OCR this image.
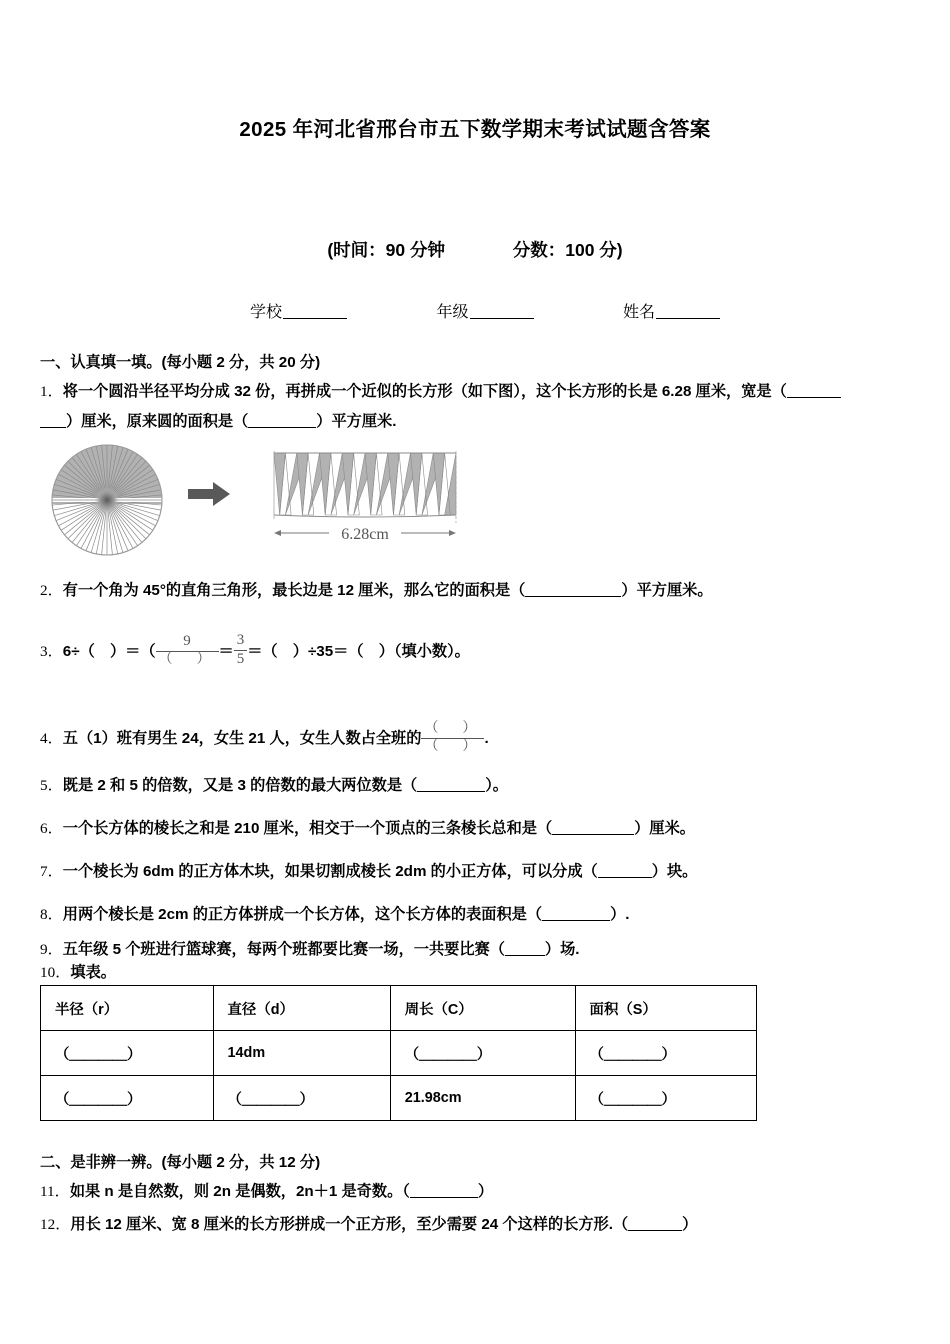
2025 年河北省邢台市五下数学期末考试试题含答案
(时间：90 分钟	分数：100 分)
学校	年级	姓名
一、认真填一填。(每小题 2 分，共 20 分)
1．将一个圆沿半径平均分成 32 份，再拼成一个近似的长方形（如下图），这个长方形的长是 6.28 厘米，宽是（
）厘米，原来圆的面积是（	）平方厘米.
6.28cm
2．有一个角为 45°的直角三角形，最长边是 12 厘米，那么它的面积是（	）平方厘米。
3．6÷（　）＝（ $\frac{9}{( )} = \frac{3}{5}$ ＝（　）÷35＝（　）（填小数）。
4．五（1）班有男生 24，女生 21 人，女生人数占全班的 $\frac{( )}{( )}$ .
5．既是 2 和 5 的倍数，又是 3 的倍数的最大两位数是（	）。
6．一个长方体的棱长之和是 210 厘米，相交于一个顶点的三条棱长总和是（	）厘米。
7．一个棱长为 6dm 的正方体木块，如果切割成棱长 2dm 的小正方体，可以分成（	）块。
8．用两个棱长是 2cm 的正方体拼成一个长方体，这个长方体的表面积是（	）.
9．五年级 5 个班进行篮球赛，每两个班都要比赛一场，一共要比赛（	）场.
10．填表。
半径（r）	直径（d）	周长（C）	面积（S）
（＿＿＿＿）	14dm	（＿＿＿＿）	（＿＿＿＿）
（＿＿＿＿）	（＿＿＿＿）	21.98cm	（＿＿＿＿）
二、是非辨一辨。(每小题 2 分，共 12 分)
11．如果 n 是自然数，则 2n 是偶数，2n＋1 是奇数。（	）
12．用长 12 厘米、宽 8 厘米的长方形拼成一个正方形，至少需要 24 个这样的长方形.（	）
